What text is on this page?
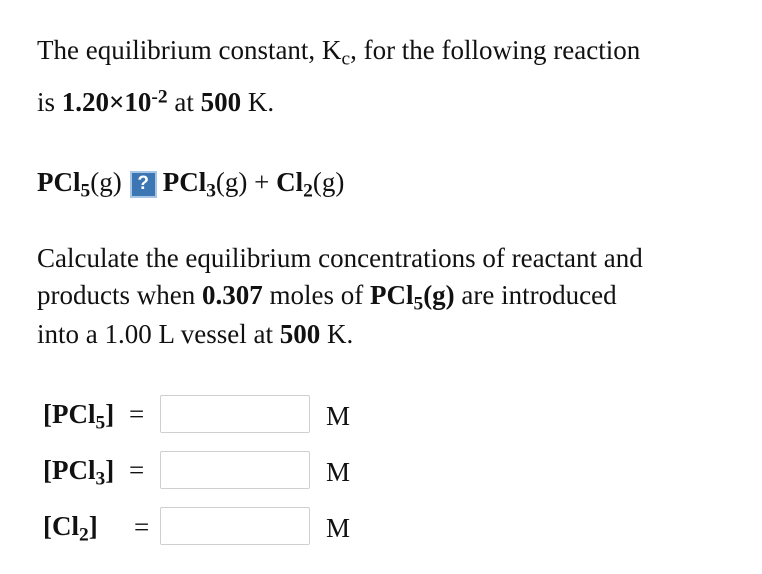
The equilibrium constant, $K_c$, for the following reaction
is $1.20\times 10^{-2}$ at 500 K.
PCl$_5$(g) ? $PCl_3(g) + Cl_2(g)$
Calculate the equilibrium concentrations of reactant and
products when 0.307 moles of PCl$_5$(g) are introduced
into a 1.00 L vessel at 500 K.
[PCl$_5$] =	M
[PCl$_3$] =	M
$[Cl_2]$ =	M
